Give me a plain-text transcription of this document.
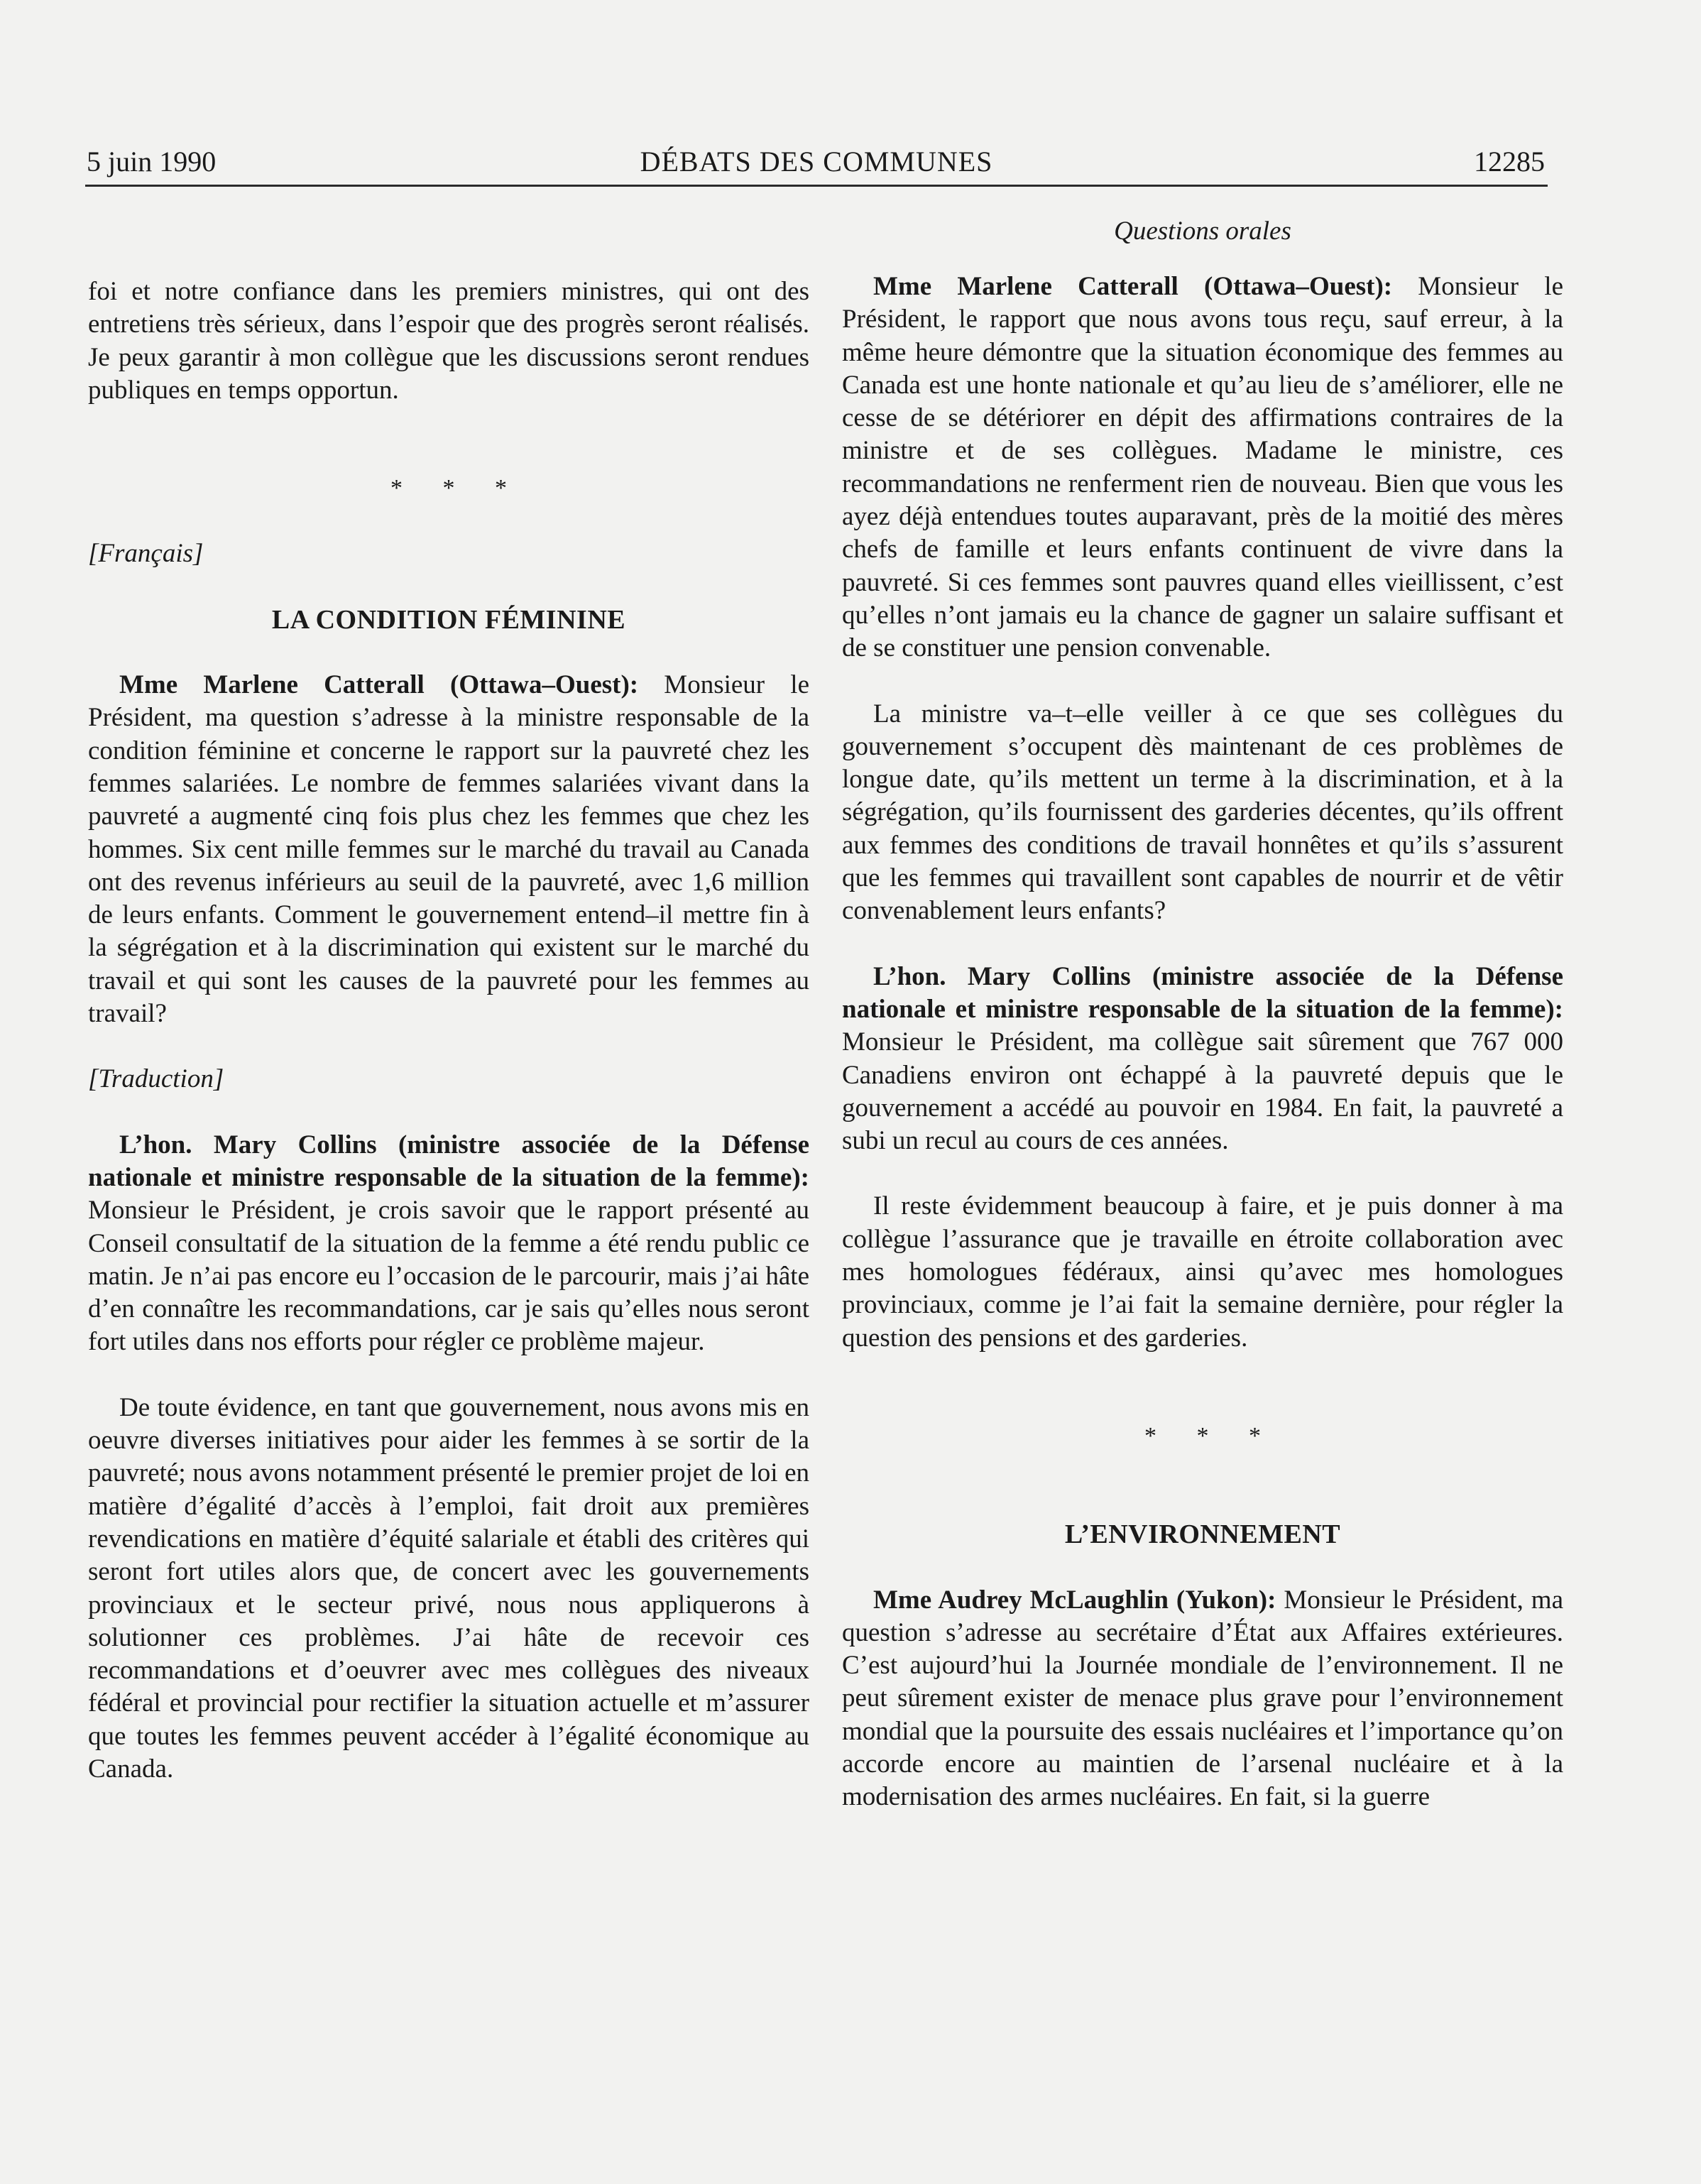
5 juin 1990	DÉBATS DES COMMUNES	12285
Questions orales

foi et notre confiance dans les premiers ministres, qui ont des entretiens très sérieux, dans l’espoir que des progrès seront réalisés. Je peux garantir à mon collègue que les discussions seront rendues publiques en temps opportun.

* * *

[Français]

LA CONDITION FÉMININE

Mme Marlene Catterall (Ottawa–Ouest): Monsieur le Président, ma question s’adresse à la ministre responsable de la condition féminine et concerne le rapport sur la pauvreté chez les femmes salariées. Le nombre de femmes salariées vivant dans la pauvreté a augmenté cinq fois plus chez les femmes que chez les hommes. Six cent mille femmes sur le marché du travail au Canada ont des revenus inférieurs au seuil de la pauvreté, avec 1,6 million de leurs enfants. Comment le gouvernement entend–il mettre fin à la ségrégation et à la discrimination qui existent sur le marché du travail et qui sont les causes de la pauvreté pour les femmes au travail?

[Traduction]

L’hon. Mary Collins (ministre associée de la Défense nationale et ministre responsable de la situation de la femme): Monsieur le Président, je crois savoir que le rapport présenté au Conseil consultatif de la situation de la femme a été rendu public ce matin. Je n’ai pas encore eu l’occasion de le parcourir, mais j’ai hâte d’en connaître les recommandations, car je sais qu’elles nous seront fort utiles dans nos efforts pour régler ce problème majeur.

De toute évidence, en tant que gouvernement, nous avons mis en oeuvre diverses initiatives pour aider les femmes à se sortir de la pauvreté; nous avons notamment présenté le premier projet de loi en matière d’égalité d’accès à l’emploi, fait droit aux premières revendications en matière d’équité salariale et établi des critères qui seront fort utiles alors que, de concert avec les gouvernements provinciaux et le secteur privé, nous nous appliquerons à solutionner ces problèmes. J’ai hâte de recevoir ces recommandations et d’oeuvrer avec mes collègues des niveaux fédéral et provincial pour rectifier la situation actuelle et m’assurer que toutes les femmes peuvent accéder à l’égalité économique au Canada.

Mme Marlene Catterall (Ottawa–Ouest): Monsieur le Président, le rapport que nous avons tous reçu, sauf erreur, à la même heure démontre que la situation économique des femmes au Canada est une honte nationale et qu’au lieu de s’améliorer, elle ne cesse de se détériorer en dépit des affirmations contraires de la ministre et de ses collègues. Madame le ministre, ces recommandations ne renferment rien de nouveau. Bien que vous les ayez déjà entendues toutes auparavant, près de la moitié des mères chefs de famille et leurs enfants continuent de vivre dans la pauvreté. Si ces femmes sont pauvres quand elles vieillissent, c’est qu’elles n’ont jamais eu la chance de gagner un salaire suffisant et de se constituer une pension convenable.

La ministre va–t–elle veiller à ce que ses collègues du gouvernement s’occupent dès maintenant de ces problèmes de longue date, qu’ils mettent un terme à la discrimination, et à la ségrégation, qu’ils fournissent des garderies décentes, qu’ils offrent aux femmes des conditions de travail honnêtes et qu’ils s’assurent que les femmes qui travaillent sont capables de nourrir et de vêtir convenablement leurs enfants?

L’hon. Mary Collins (ministre associée de la Défense nationale et ministre responsable de la situation de la femme): Monsieur le Président, ma collègue sait sûrement que 767 000 Canadiens environ ont échappé à la pauvreté depuis que le gouvernement a accédé au pouvoir en 1984. En fait, la pauvreté a subi un recul au cours de ces années.

Il reste évidemment beaucoup à faire, et je puis donner à ma collègue l’assurance que je travaille en étroite collaboration avec mes homologues fédéraux, ainsi qu’avec mes homologues provinciaux, comme je l’ai fait la semaine dernière, pour régler la question des pensions et des garderies.

* * *
L’ENVIRONNEMENT

Mme Audrey McLaughlin (Yukon): Monsieur le Président, ma question s’adresse au secrétaire d’État aux Affaires extérieures. C’est aujourd’hui la Journée mondiale de l’environnement. Il ne peut sûrement exister de menace plus grave pour l’environnement mondial que la poursuite des essais nucléaires et l’importance qu’on accorde encore au maintien de l’arsenal nucléaire et à la modernisation des armes nucléaires. En fait, si la guerre
